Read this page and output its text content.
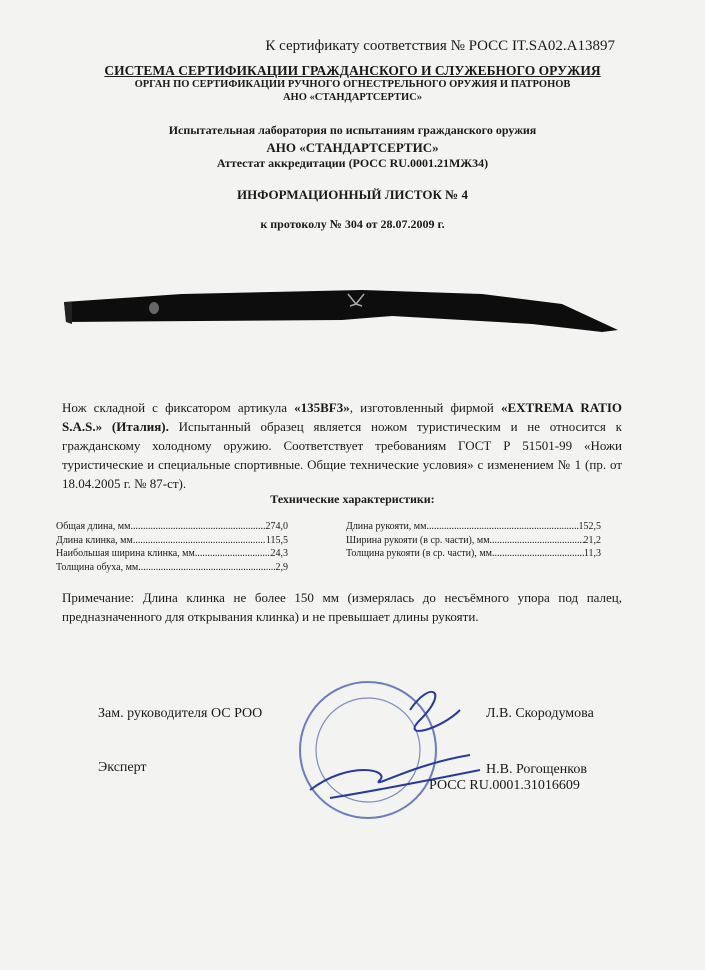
К сертификату соответствия № РОСС IT.SA02.A13897
СИСТЕМА СЕРТИФИКАЦИИ ГРАЖДАНСКОГО И СЛУЖЕБНОГО ОРУЖИЯ
ОРГАН ПО СЕРТИФИКАЦИИ РУЧНОГО ОГНЕСТРЕЛЬНОГО ОРУЖИЯ И ПАТРОНОВ
АНО «СТАНДАРТСЕРТИС»
Испытательная лаборатория по испытаниям гражданского оружия
АНО «СТАНДАРТСЕРТИС»
Аттестат аккредитации (РОСС RU.0001.21МЖ34)
ИНФОРМАЦИОННЫЙ ЛИСТОК № 4
к протоколу № 304 от 28.07.2009 г.
Нож складной с фиксатором артикула «135BF3», изготовленный фирмой «EXTREMA RATIO S.A.S.» (Италия). Испытанный образец является ножом туристическим и не относится к гражданскому холодному оружию. Соответствует требованиям ГОСТ Р 51501-99 «Ножи туристические и специальные спортивные. Общие технические условия» с изменением № 1 (пр. от 18.04.2005 г. № 87-ст).
Технические характеристики:
Общая длина, мм .....	274,0
Длина клинка, мм .....	115,5
Наибольшая ширина клинка, мм .....	24,3
Толщина обуха, мм .....	2,9
Длина рукояти, мм .....	152,5
Ширина рукояти (в ср. части), мм .....	21,2
Толщина рукояти (в ср. части), мм .....	11,3
Примечание: Длина клинка не более 150 мм (измерялась до несъёмного упора под палец, предназначенного для открывания клинка) и не превышает длины рукояти.
Зам. руководителя ОС РОО	Л.В. Скородумова
Эксперт	Н.В. Рогощенков
РОСС RU.0001.31016609
